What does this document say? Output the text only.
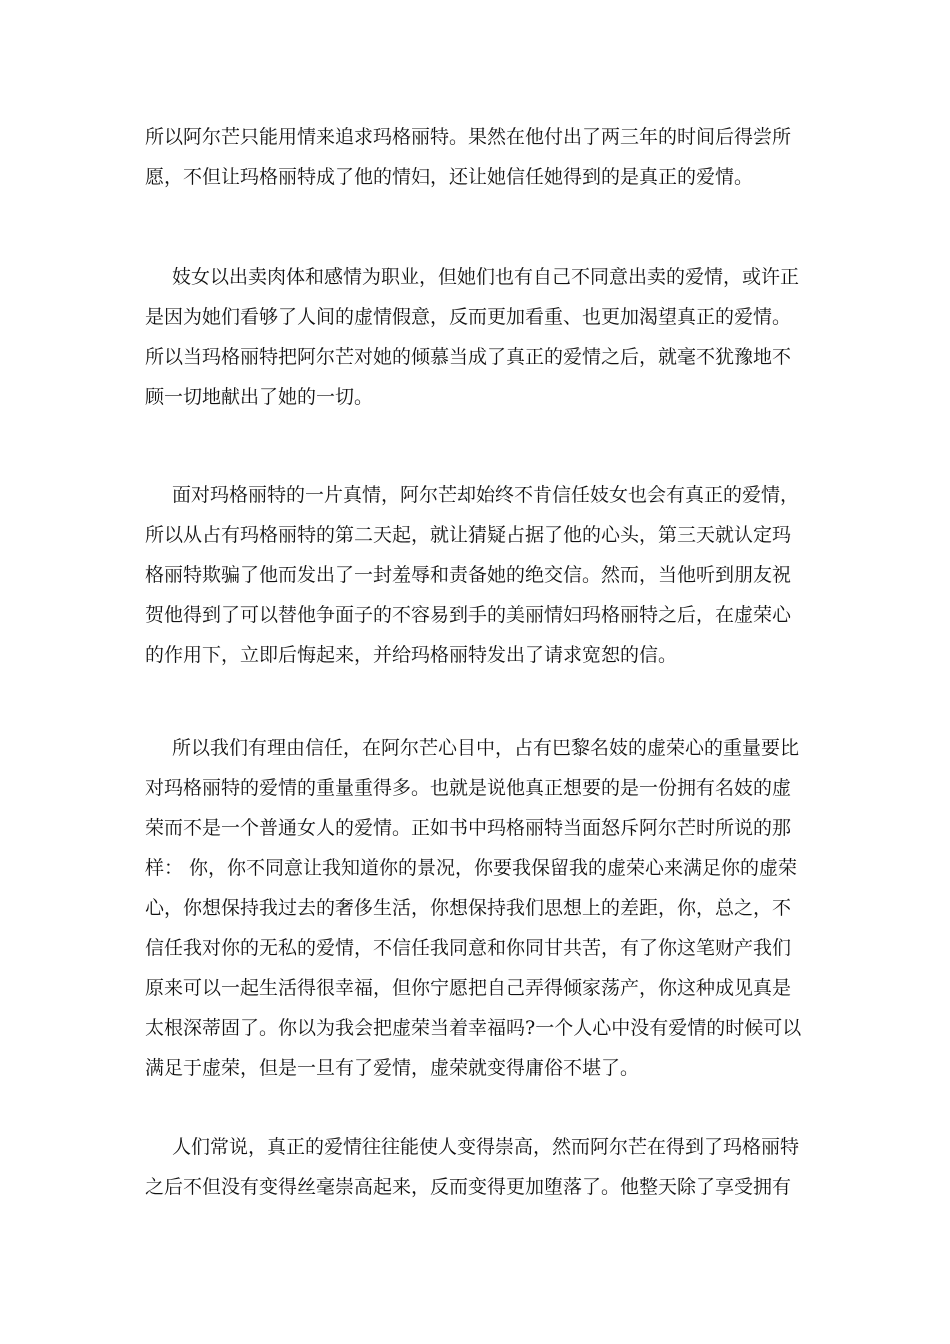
所以阿尔芒只能用情来追求玛格丽特。果然在他付出了两三年的时间后得尝所
愿，不但让玛格丽特成了他的情妇，还让她信任她得到的是真正的爱情。
妓女以出卖肉体和感情为职业，但她们也有自己不同意出卖的爱情，或许正
是因为她们看够了人间的虚情假意，反而更加看重、也更加渴望真正的爱情。
所以当玛格丽特把阿尔芒对她的倾慕当成了真正的爱情之后，就毫不犹豫地不
顾一切地献出了她的一切。
面对玛格丽特的一片真情，阿尔芒却始终不肯信任妓女也会有真正的爱情，
所以从占有玛格丽特的第二天起，就让猜疑占据了他的心头，第三天就认定玛
格丽特欺骗了他而发出了一封羞辱和责备她的绝交信。然而，当他听到朋友祝
贺他得到了可以替他争面子的不容易到手的美丽情妇玛格丽特之后，在虚荣心
的作用下，立即后悔起来，并给玛格丽特发出了请求宽恕的信。
所以我们有理由信任，在阿尔芒心目中，占有巴黎名妓的虚荣心的重量要比
对玛格丽特的爱情的重量重得多。也就是说他真正想要的是一份拥有名妓的虚
荣而不是一个普通女人的爱情。正如书中玛格丽特当面怒斥阿尔芒时所说的那
样： 你，你不同意让我知道你的景况，你要我保留我的虚荣心来满足你的虚荣
心，你想保持我过去的奢侈生活，你想保持我们思想上的差距，你，总之，不
信任我对你的无私的爱情，不信任我同意和你同甘共苦，有了你这笔财产我们
原来可以一起生活得很幸福，但你宁愿把自己弄得倾家荡产，你这种成见真是
太根深蒂固了。你以为我会把虚荣当着幸福吗?一个人心中没有爱情的时候可以
满足于虚荣，但是一旦有了爱情，虚荣就变得庸俗不堪了。
人们常说，真正的爱情往往能使人变得崇高，然而阿尔芒在得到了玛格丽特
之后不但没有变得丝毫崇高起来，反而变得更加堕落了。他整天除了享受拥有
